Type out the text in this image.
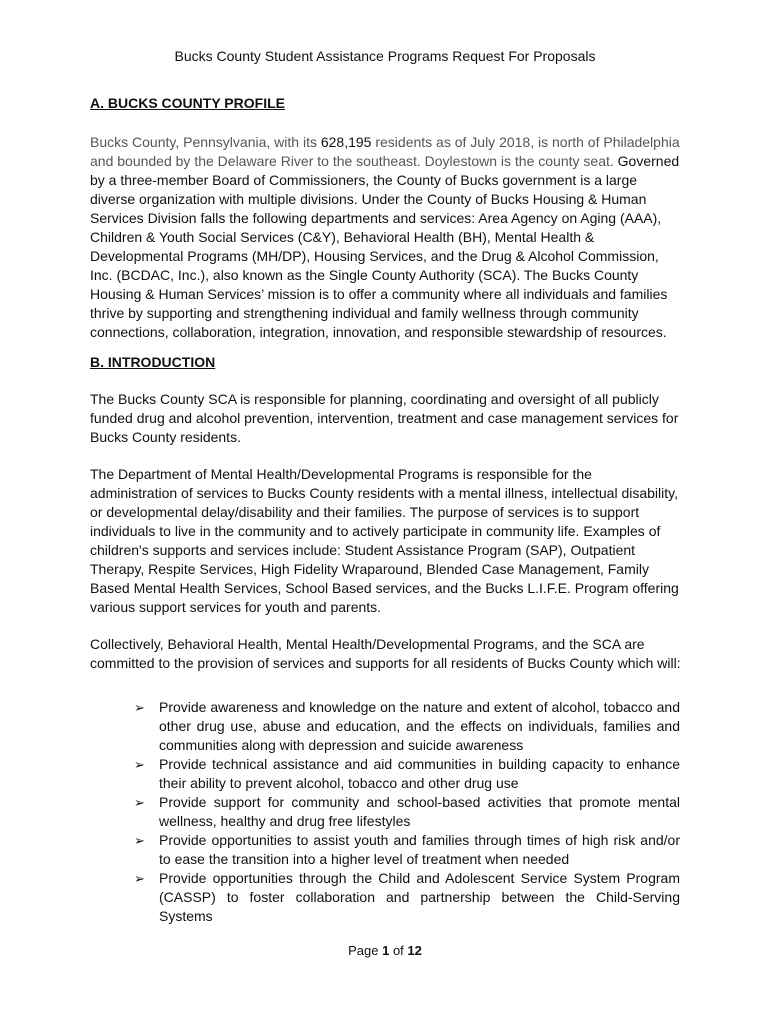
Bucks County Student Assistance Programs Request For Proposals
A. BUCKS COUNTY PROFILE
Bucks County, Pennsylvania, with its 628,195 residents as of July 2018, is north of Philadelphia and bounded by the Delaware River to the southeast. Doylestown is the county seat. Governed by a three-member Board of Commissioners, the County of Bucks government is a large diverse organization with multiple divisions. Under the County of Bucks Housing & Human Services Division falls the following departments and services: Area Agency on Aging (AAA), Children & Youth Social Services (C&Y), Behavioral Health (BH), Mental Health & Developmental Programs (MH/DP), Housing Services, and the Drug & Alcohol Commission, Inc. (BCDAC, Inc.), also known as the Single County Authority (SCA). The Bucks County Housing & Human Services’ mission is to offer a community where all individuals and families thrive by supporting and strengthening individual and family wellness through community connections, collaboration, integration, innovation, and responsible stewardship of resources.
B. INTRODUCTION
The Bucks County SCA is responsible for planning, coordinating and oversight of all publicly funded drug and alcohol prevention, intervention, treatment and case management services for Bucks County residents.
The Department of Mental Health/Developmental Programs is responsible for the administration of services to Bucks County residents with a mental illness, intellectual disability, or developmental delay/disability and their families. The purpose of services is to support individuals to live in the community and to actively participate in community life. Examples of children's supports and services include: Student Assistance Program (SAP), Outpatient Therapy, Respite Services, High Fidelity Wraparound, Blended Case Management, Family Based Mental Health Services, School Based services, and the Bucks L.I.F.E. Program offering various support services for youth and parents.
Collectively, Behavioral Health, Mental Health/Developmental Programs, and the SCA are committed to the provision of services and supports for all residents of Bucks County which will:
➢ Provide awareness and knowledge on the nature and extent of alcohol, tobacco and other drug use, abuse and education, and the effects on individuals, families and communities along with depression and suicide awareness
➢ Provide technical assistance and aid communities in building capacity to enhance their ability to prevent alcohol, tobacco and other drug use
➢ Provide support for community and school-based activities that promote mental wellness, healthy and drug free lifestyles
➢ Provide opportunities to assist youth and families through times of high risk and/or to ease the transition into a higher level of treatment when needed
➢ Provide opportunities through the Child and Adolescent Service System Program (CASSP) to foster collaboration and partnership between the Child-Serving Systems
Page 1 of 12
